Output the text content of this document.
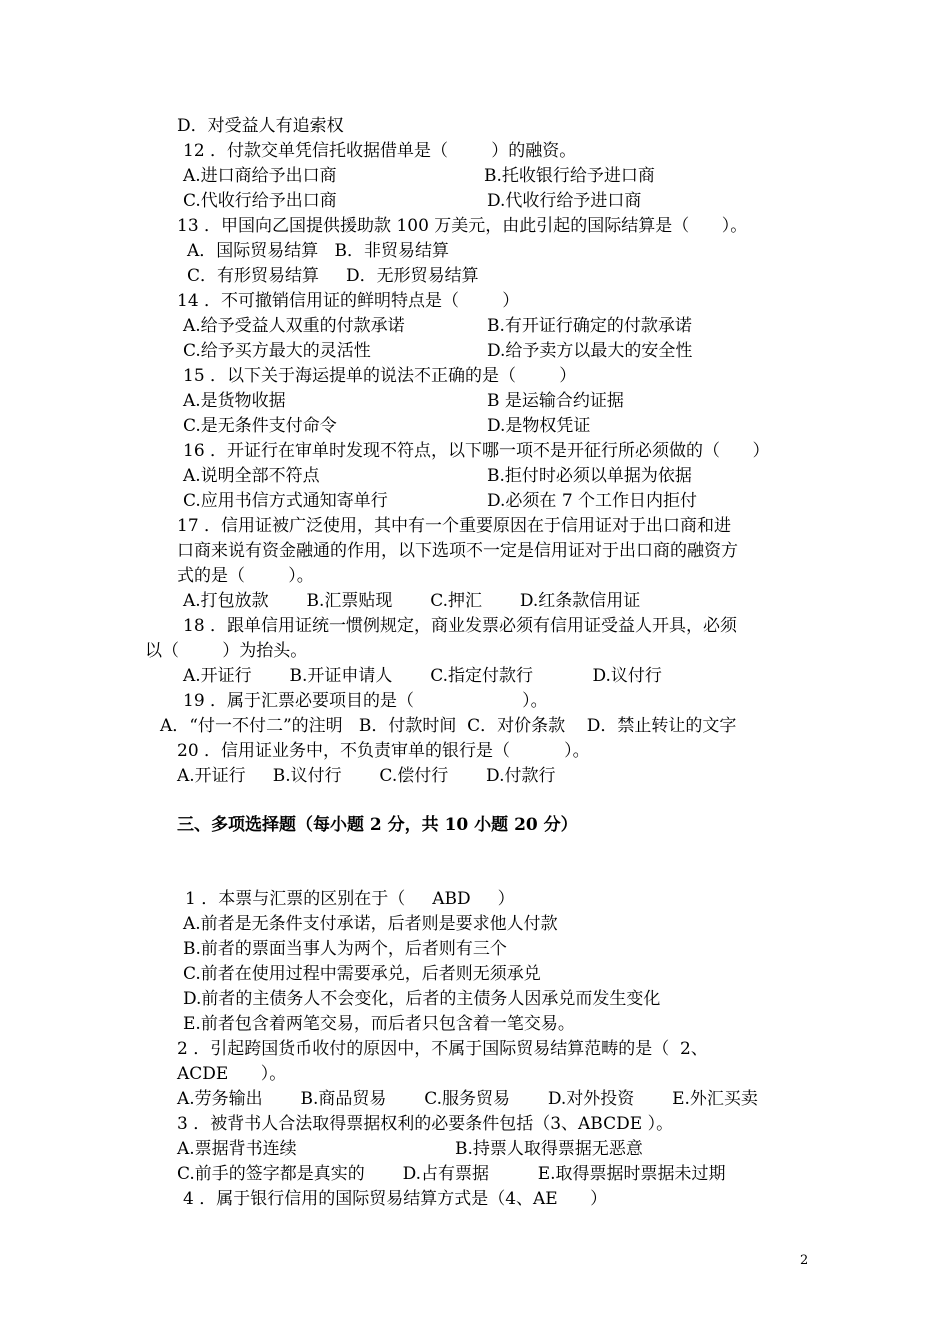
D．对受益人有追索权
12 ．付款交单凭信托收据借单是（        ）的融资。
A.进口商给予出口商	B.托收银行给予进口商
C.代收行给予出口商	D.代收行给予进口商
13 ．甲国向乙国提供援助款 100 万美元，由此引起的国际结算是（      ）。
A．国际贸易结算   B．非贸易结算
C．有形贸易结算     D．无形贸易结算
14 ．不可撤销信用证的鲜明特点是（        ）
A.给予受益人双重的付款承诺	B.有开证行确定的付款承诺
C.给予买方最大的灵活性	D.给予卖方以最大的安全性
15 ．以下关于海运提单的说法不正确的是（        ）
A.是货物收据	B 是运输合约证据
C.是无条件支付命令	D.是物权凭证
16 ．开证行在审单时发现不符点，以下哪一项不是开征行所必须做的（      ）
A.说明全部不符点	B.拒付时必须以单据为依据
C.应用书信方式通知寄单行	D.必须在 7 个工作日内拒付
17 ．信用证被广泛使用，其中有一个重要原因在于信用证对于出口商和进
口商来说有资金融通的作用，以下选项不一定是信用证对于出口商的融资方
式的是（        ）。
A.打包放款       B.汇票贴现       C.押汇       D.红条款信用证
18 ．跟单信用证统一惯例规定，商业发票必须有信用证受益人开具，必须
以（        ）为抬头。
A.开证行       B.开证申请人       C.指定付款行           D.议付行
19 ．属于汇票必要项目的是（                    ）。
A．“付一不付二”的注明   B．付款时间  C．对价条款    D．禁止转让的文字
20 ．信用证业务中，不负责审单的银行是（          ）。
A.开证行     B.议付行       C.偿付行       D.付款行
三、多项选择题（每小题 2 分，共 10 小题 20 分）
1 ．本票与汇票的区别在于（     ABD     ）
A.前者是无条件支付承诺，后者则是要求他人付款
B.前者的票面当事人为两个，后者则有三个
C.前者在使用过程中需要承兑，后者则无须承兑
D.前者的主债务人不会变化，后者的主债务人因承兑而发生变化
E.前者包含着两笔交易，而后者只包含着一笔交易。
2 ．引起跨国货币收付的原因中，不属于国际贸易结算范畴的是（  2、
ACDE      ）。
A.劳务输出       B.商品贸易       C.服务贸易       D.对外投资       E.外汇买卖
3 ．被背书人合法取得票据权利的必要条件包括（3、ABCDE ）。
A.票据背书连续	B.持票人取得票据无恶意
C.前手的签字都是真实的       D.占有票据         E.取得票据时票据未过期
4 ．属于银行信用的国际贸易结算方式是（4、AE      ）
2
